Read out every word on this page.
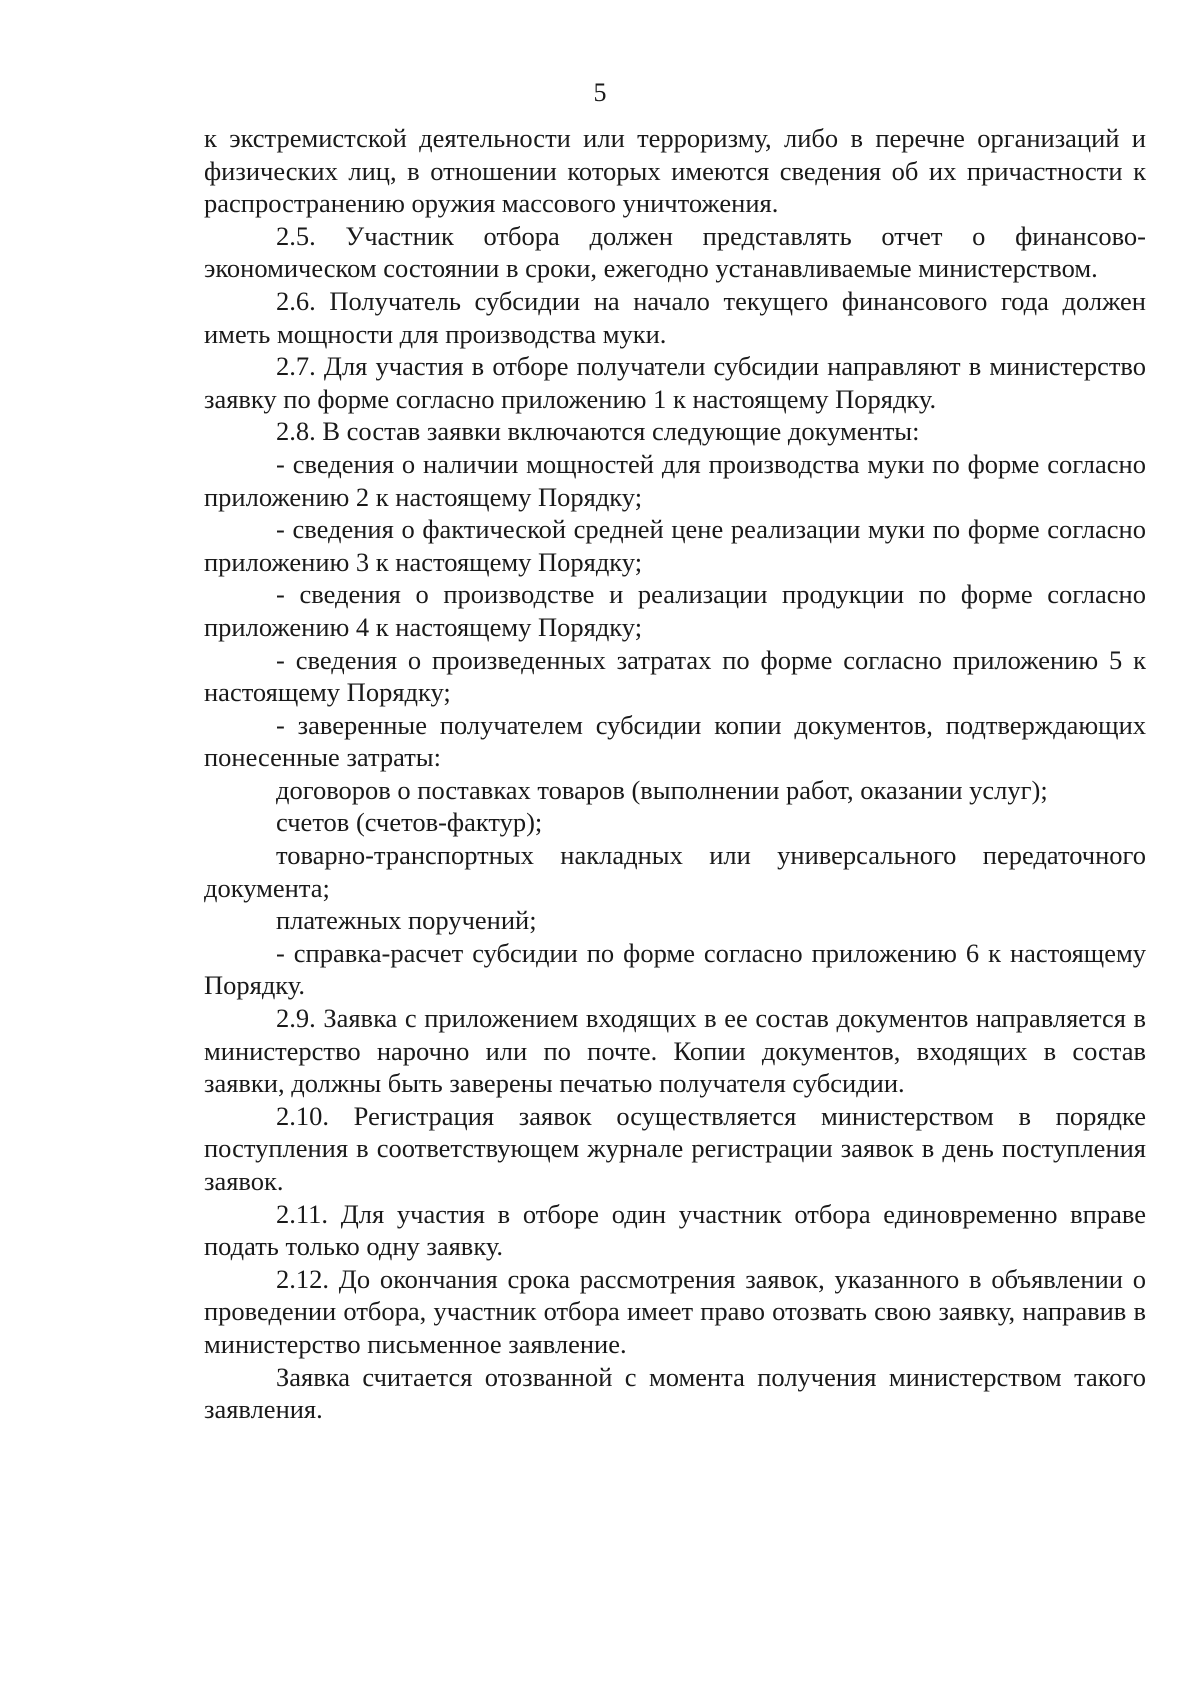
5

к экстремистской деятельности или терроризму, либо в перечне организаций и физических лиц, в отношении которых имеются сведения об их причастности к распространению оружия массового уничтожения.

2.5. Участник отбора должен представлять отчет о финансово-экономическом состоянии в сроки, ежегодно устанавливаемые министерством.

2.6. Получатель субсидии на начало текущего финансового года должен иметь мощности для производства муки.

2.7. Для участия в отборе получатели субсидии направляют в министерство заявку по форме согласно приложению 1 к настоящему Порядку.

2.8. В состав заявки включаются следующие документы:

- сведения о наличии мощностей для производства муки по форме согласно приложению 2 к настоящему Порядку;

- сведения о фактической средней цене реализации муки по форме согласно приложению 3 к настоящему Порядку;

- сведения о производстве и реализации продукции по форме согласно приложению 4 к настоящему Порядку;

- сведения о произведенных затратах по форме согласно приложению 5 к настоящему Порядку;

- заверенные получателем субсидии копии документов, подтверждающих понесенные затраты:

договоров о поставках товаров (выполнении работ, оказании услуг);

счетов (счетов-фактур);

товарно-транспортных накладных или универсального передаточного документа;

платежных поручений;

- справка-расчет субсидии по форме согласно приложению 6 к настоящему Порядку.

2.9. Заявка с приложением входящих в ее состав документов направляется в министерство нарочно или по почте. Копии документов, входящих в состав заявки, должны быть заверены печатью получателя субсидии.

2.10. Регистрация заявок осуществляется министерством в порядке поступления в соответствующем журнале регистрации заявок в день поступления заявок.

2.11. Для участия в отборе один участник отбора единовременно вправе подать только одну заявку.

2.12. До окончания срока рассмотрения заявок, указанного в объявлении о проведении отбора, участник отбора имеет право отозвать свою заявку, направив в министерство письменное заявление.

Заявка считается отозванной с момента получения министерством такого заявления.
